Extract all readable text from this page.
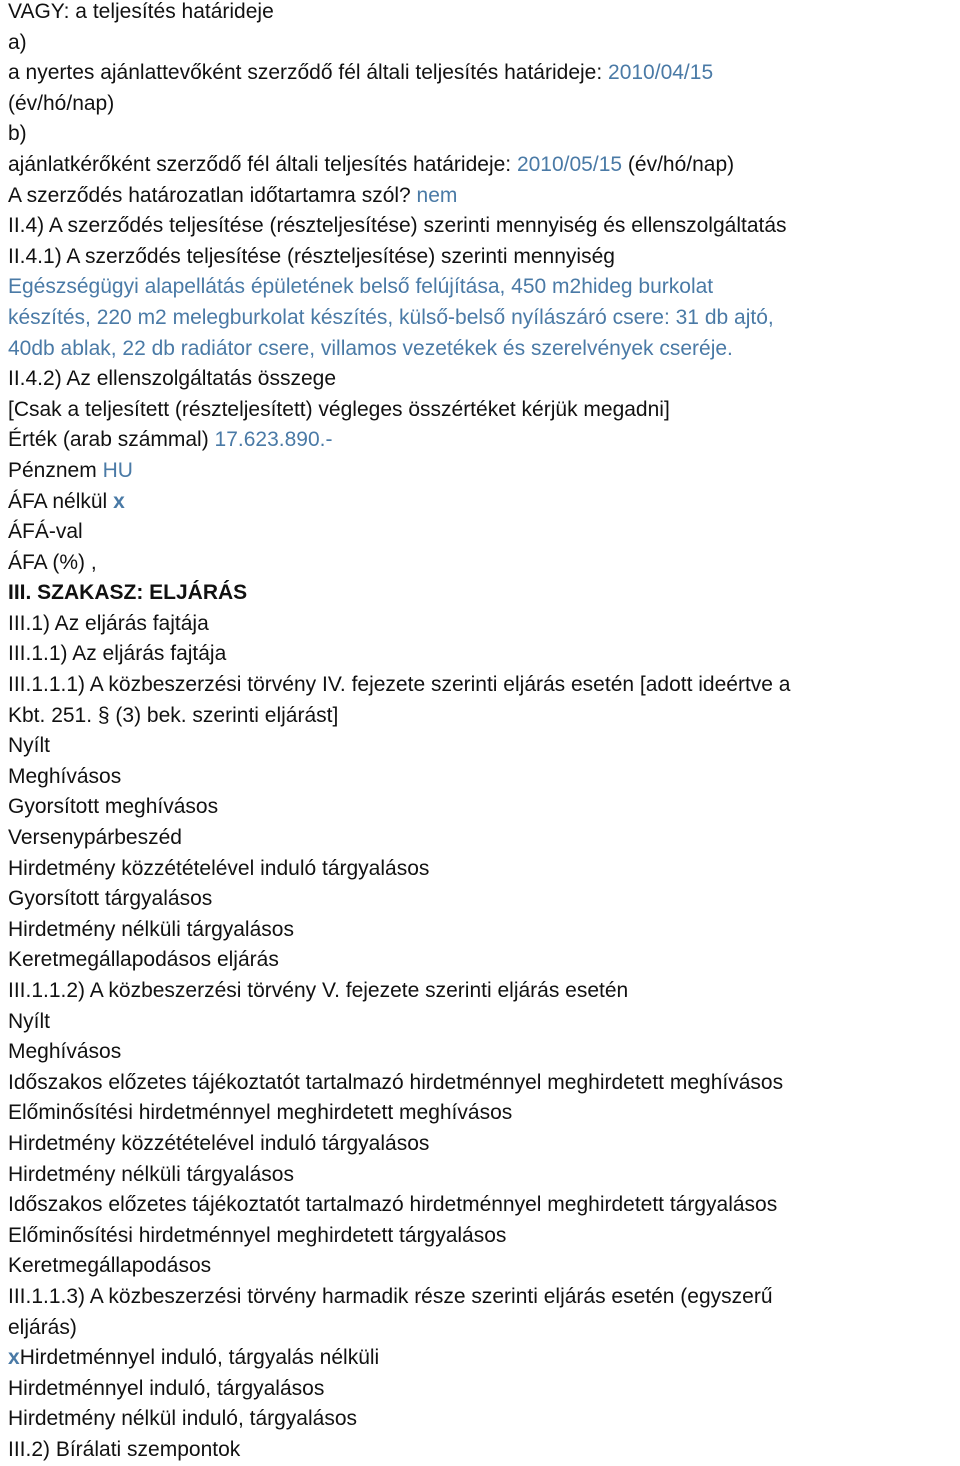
VAGY: a teljesítés határideje
a)
a nyertes ajánlattevőként szerződő fél általi teljesítés határideje: 2010/04/15
(év/hó/nap)
b)
ajánlatkérőként szerződő fél általi teljesítés határideje: 2010/05/15 (év/hó/nap)
A szerződés határozatlan időtartamra szól? nem
II.4) A szerződés teljesítése (részteljesítése) szerinti mennyiség és ellenszolgáltatás
II.4.1) A szerződés teljesítése (részteljesítése) szerinti mennyiség
Egészségügyi alapellátás épületének belső felújítása, 450 m2hideg burkolat
készítés, 220 m2 melegburkolat készítés, külső-belső nyílászáró csere: 31 db ajtó,
40db ablak, 22 db radiátor csere, villamos vezetékek és szerelvények cseréje.
II.4.2) Az ellenszolgáltatás összege
[Csak a teljesített (részteljesített) végleges összértéket kérjük megadni]
Érték (arab számmal) 17.623.890.-
Pénznem HU
ÁFA nélkül x
ÁFÁ-val
ÁFA (%) ,
III. SZAKASZ: ELJÁRÁS
III.1) Az eljárás fajtája
III.1.1) Az eljárás fajtája
III.1.1.1) A közbeszerzési törvény IV. fejezete szerinti eljárás esetén [adott ideértve a
Kbt. 251. § (3) bek. szerinti eljárást]
Nyílt
Meghívásos
Gyorsított meghívásos
Versenypárbeszéd
Hirdetmény közzétételével induló tárgyalásos
Gyorsított tárgyalásos
Hirdetmény nélküli tárgyalásos
Keretmegállapodásos eljárás
III.1.1.2) A közbeszerzési törvény V. fejezete szerinti eljárás esetén
Nyílt
Meghívásos
Időszakos előzetes tájékoztatót tartalmazó hirdetménnyel meghirdetett meghívásos
Előminősítési hirdetménnyel meghirdetett meghívásos
Hirdetmény közzétételével induló tárgyalásos
Hirdetmény nélküli tárgyalásos
Időszakos előzetes tájékoztatót tartalmazó hirdetménnyel meghirdetett tárgyalásos
Előminősítési hirdetménnyel meghirdetett tárgyalásos
Keretmegállapodásos
III.1.1.3) A közbeszerzési törvény harmadik része szerinti eljárás esetén (egyszerű
eljárás)
xHirdetménnyel induló, tárgyalás nélküli
Hirdetménnyel induló, tárgyalásos
Hirdetmény nélkül induló, tárgyalásos
III.2) Bírálati szempontok
